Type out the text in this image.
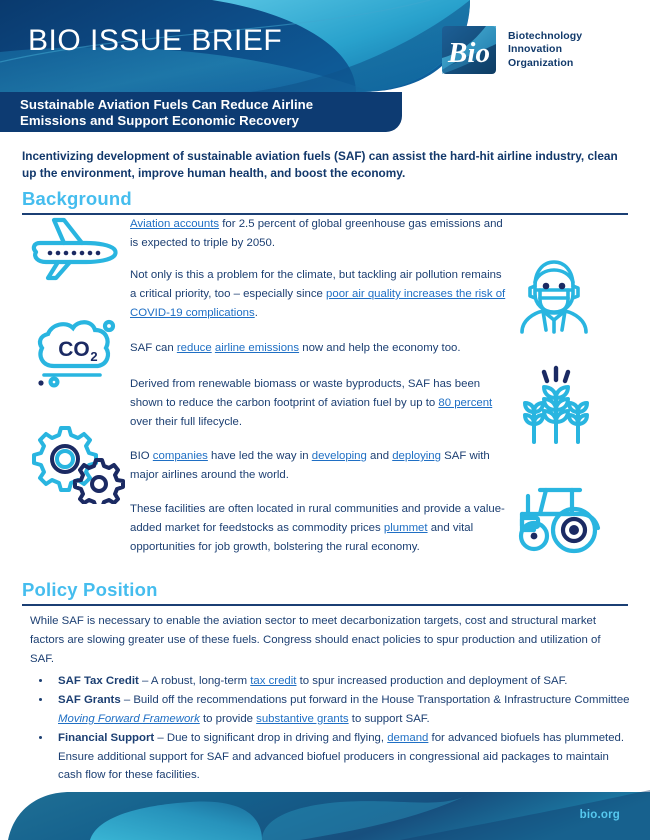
BIO ISSUE BRIEF	Bio
Biotechnology
Innovation
Organization
Sustainable Aviation Fuels Can Reduce Airline
Emissions and Support Economic Recovery
Incentivizing development of sustainable aviation fuels (SAF) can assist the hard-hit airline industry, clean up the environment, improve human health, and boost the economy.
Background
CO 2
Aviation accounts for 2.5 percent of global greenhouse gas emissions and is expected to triple by 2050.
Not only is this a problem for the climate, but tackling air pollution remains a critical priority, too – especially since poor air quality increases the risk of COVID-19 complications.
SAF can reduce airline emissions now and help the economy too.
Derived from renewable biomass or waste byproducts, SAF has been shown to reduce the carbon footprint of aviation fuel by up to 80 percent over their full lifecycle.
BIO companies have led the way in developing and deploying SAF with major airlines around the world.
These facilities are often located in rural communities and provide a value-added market for feedstocks as commodity prices plummet and vital opportunities for job growth, bolstering the rural economy.
Policy Position
While SAF is necessary to enable the aviation sector to meet decarbonization targets, cost and structural market factors are slowing greater use of these fuels. Congress should enact policies to spur production and utilization of SAF.
• SAF Tax Credit – A robust, long-term tax credit to spur increased production and deployment of SAF.
• SAF Grants – Build off the recommendations put forward in the House Transportation & Infrastructure Committee Moving Forward Framework to provide substantive grants to support SAF.
• Financial Support – Due to significant drop in driving and flying, demand for advanced biofuels has plummeted. Ensure additional support for SAF and advanced biofuel producers in congressional aid packages to maintain cash flow for these facilities.
bio.org
